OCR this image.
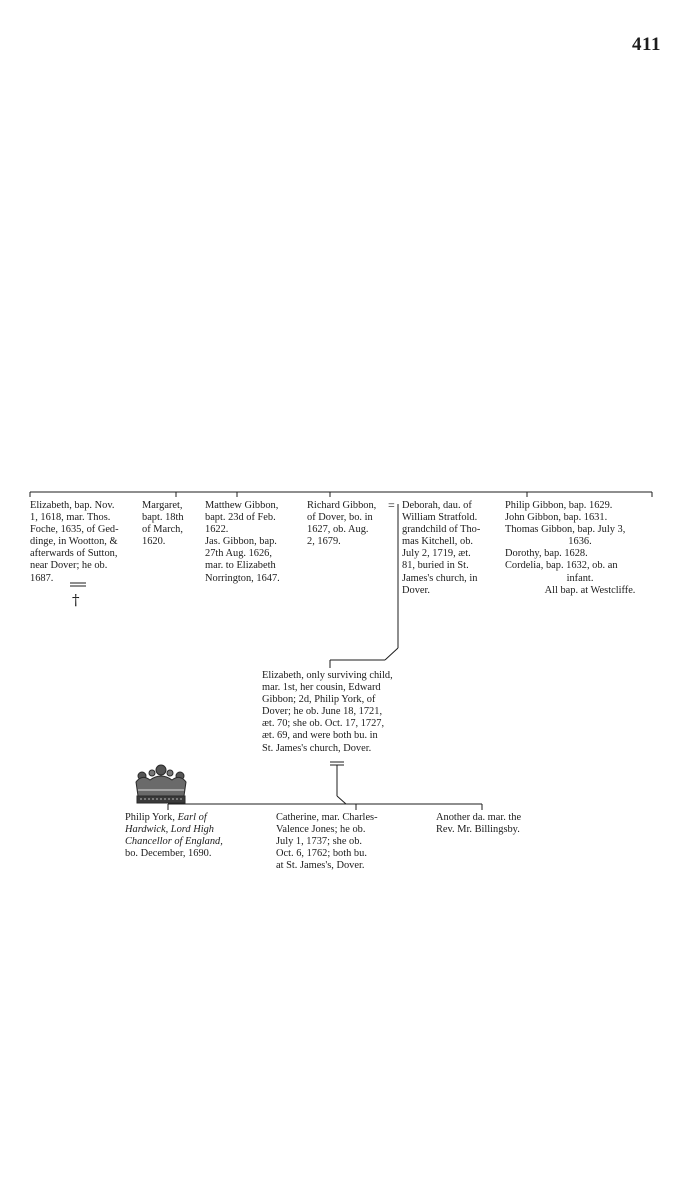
411
†
Elizabeth, bap. Nov.
1, 1618, mar. Thos.
Foche, 1635, of Ged-
dinge, in Wootton, &
afterwards of Sutton,
near Dover; he ob.
1687.
Margaret,
bapt. 18th
of March,
1620.
Matthew Gibbon,
bapt. 23d of Feb.
1622.
Jas. Gibbon, bap.
27th Aug. 1626,
mar. to Elizabeth
Norrington, 1647.
Richard Gibbon,
of Dover, bo. in
1627, ob. Aug.
2, 1679.
= Deborah, dau. of
William Stratfold.
grandchild of Tho-
mas Kitchell, ob.
July 2, 1719, æt.
81, buried in St.
James's church, in
Dover.
Philip Gibbon, bap. 1629.
John Gibbon, bap. 1631.
Thomas Gibbon, bap. July 3,
1636.
Dorothy, bap. 1628.
Cordelia, bap. 1632, ob. an
infant.
All bap. at Westcliffe.
Elizabeth, only surviving child,
mar. 1st, her cousin, Edward
Gibbon; 2d, Philip York, of
Dover; he ob. June 18, 1721,
æt. 70; she ob. Oct. 17, 1727,
æt. 69, and were both bu. in
St. James's church, Dover.
Philip York, Earl of
Hardwick, Lord High
Chancellor of England,
bo. December, 1690.
Catherine, mar. Charles-
Valence Jones; he ob.
July 1, 1737; she ob.
Oct. 6, 1762; both bu.
at St. James's, Dover.
Another da. mar. the
Rev. Mr. Billingsby.
